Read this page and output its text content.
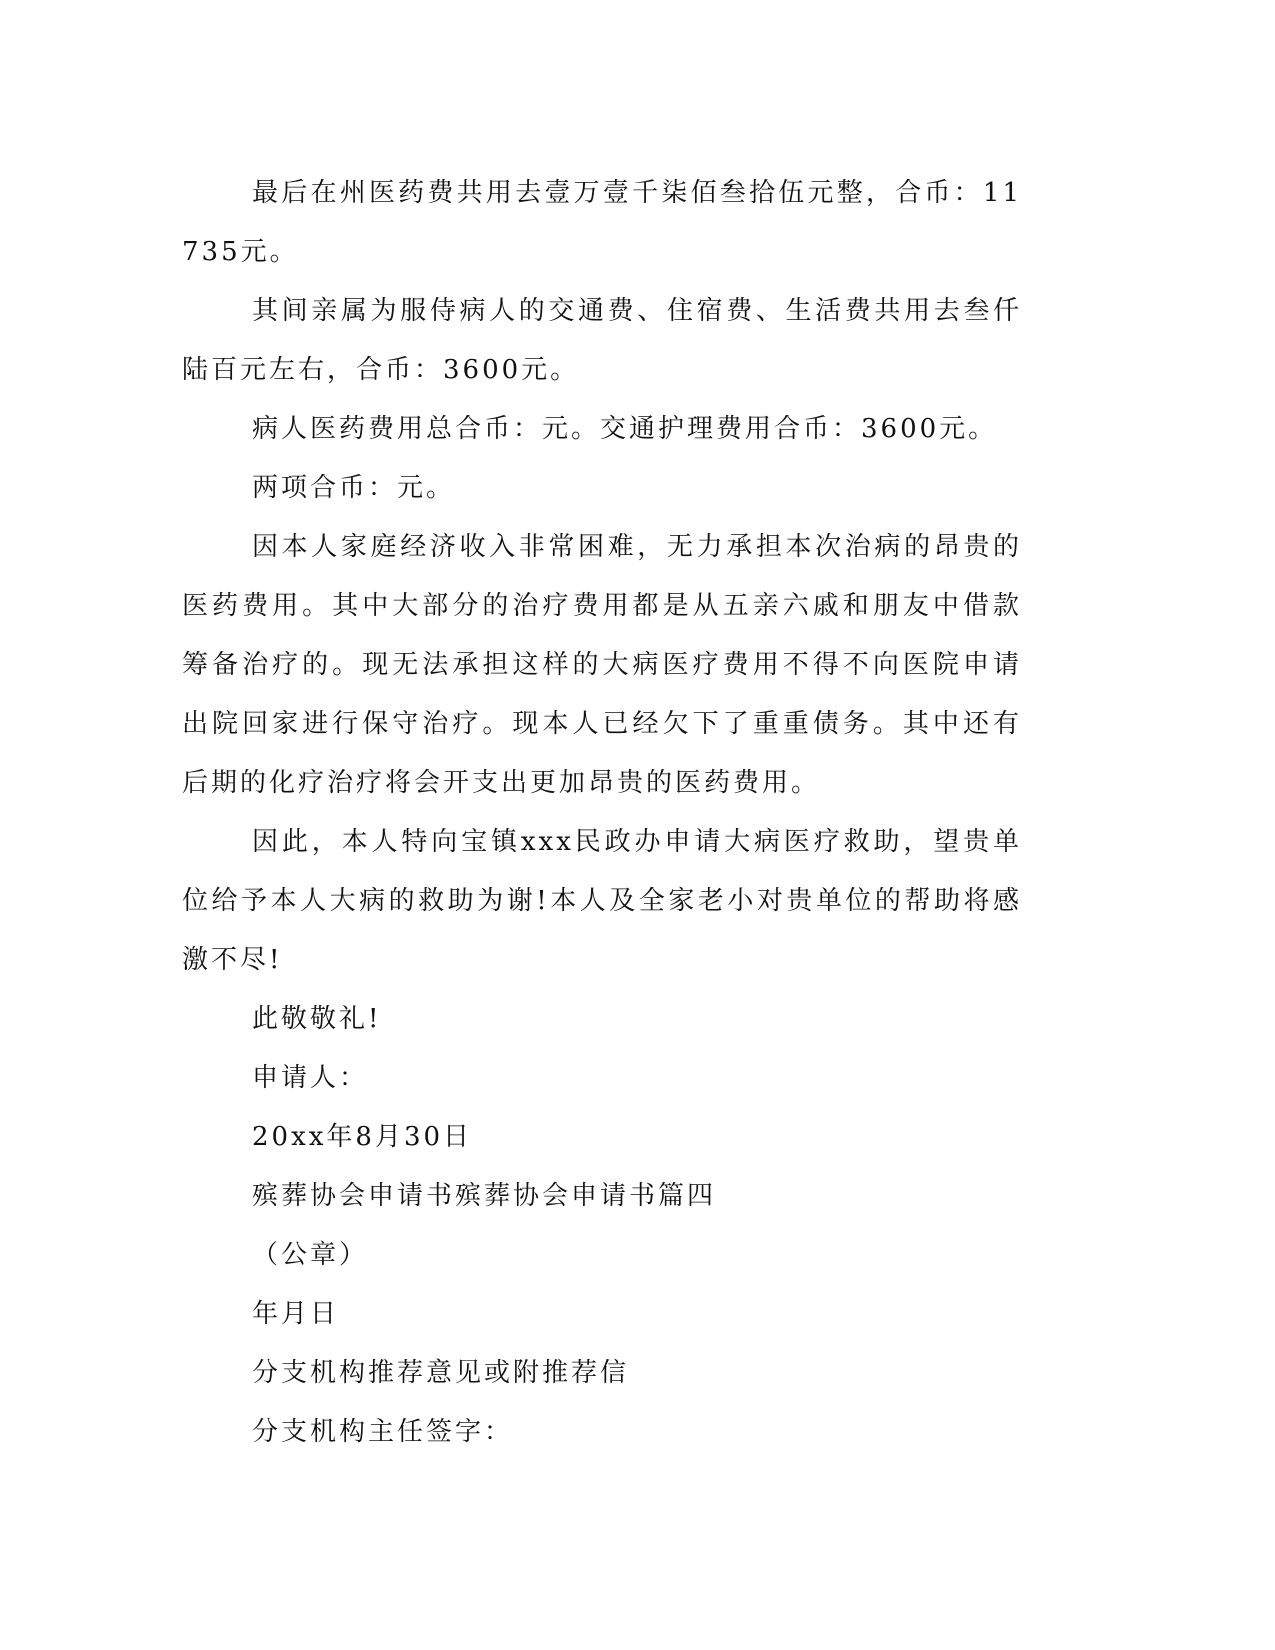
最后在州医药费共用去壹万壹千柒佰叁拾伍元整，合币：11735元。

其间亲属为服侍病人的交通费、住宿费、生活费共用去叁仟陆百元左右，合币：3600元。

病人医药费用总合币：元。交通护理费用合币：3600元。

两项合币：元。

因本人家庭经济收入非常困难，无力承担本次治病的昂贵的医药费用。其中大部分的治疗费用都是从五亲六戚和朋友中借款筹备治疗的。现无法承担这样的大病医疗费用不得不向医院申请出院回家进行保守治疗。现本人已经欠下了重重债务。其中还有后期的化疗治疗将会开支出更加昂贵的医药费用。

因此，本人特向宝镇xxx民政办申请大病医疗救助，望贵单位给予本人大病的救助为谢!本人及全家老小对贵单位的帮助将感激不尽!

此敬敬礼!

申请人：

20xx年8月30日

殡葬协会申请书殡葬协会申请书篇四

（公章）

年月日

分支机构推荐意见或附推荐信

分支机构主任签字：
